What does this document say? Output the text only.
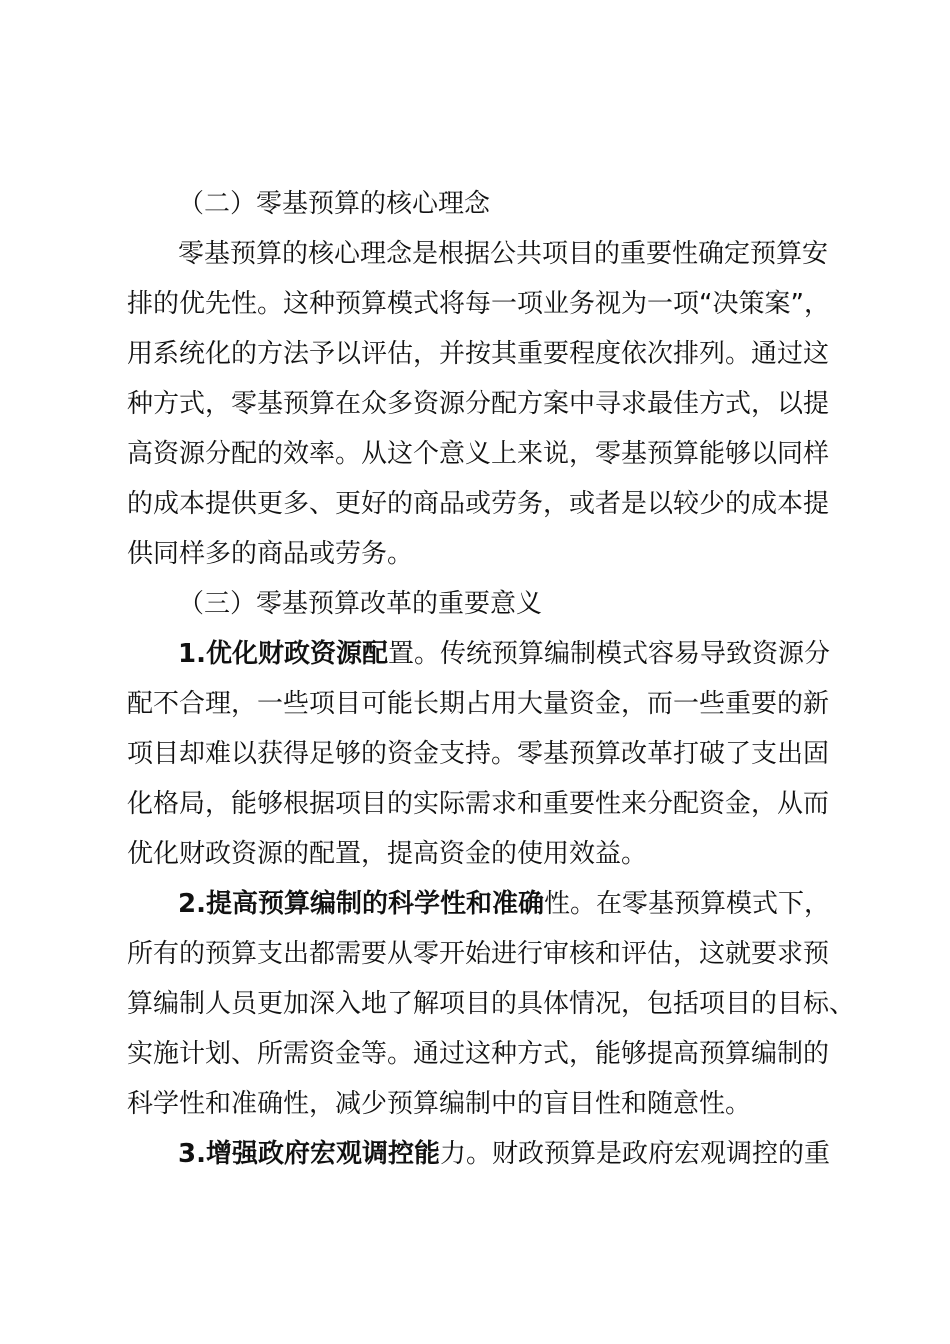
（二）零基预算的核心理念
零基预算的核心理念是根据公共项目的重要性确定预算安
排的优先性。这种预算模式将每一项业务视为一项“决策案”，
用系统化的方法予以评估，并按其重要程度依次排列。通过这
种方式，零基预算在众多资源分配方案中寻求最佳方式，以提
高资源分配的效率。从这个意义上来说，零基预算能够以同样
的成本提供更多、更好的商品或劳务，或者是以较少的成本提
供同样多的商品或劳务。
（三）零基预算改革的重要意义
1.优化财政资源配置。传统预算编制模式容易导致资源分
配不合理，一些项目可能长期占用大量资金，而一些重要的新
项目却难以获得足够的资金支持。零基预算改革打破了支出固
化格局，能够根据项目的实际需求和重要性来分配资金，从而
优化财政资源的配置，提高资金的使用效益。
2.提高预算编制的科学性和准确性。在零基预算模式下，
所有的预算支出都需要从零开始进行审核和评估，这就要求预
算编制人员更加深入地了解项目的具体情况，包括项目的目标、
实施计划、所需资金等。通过这种方式，能够提高预算编制的
科学性和准确性，减少预算编制中的盲目性和随意性。
3.增强政府宏观调控能力。财政预算是政府宏观调控的重
